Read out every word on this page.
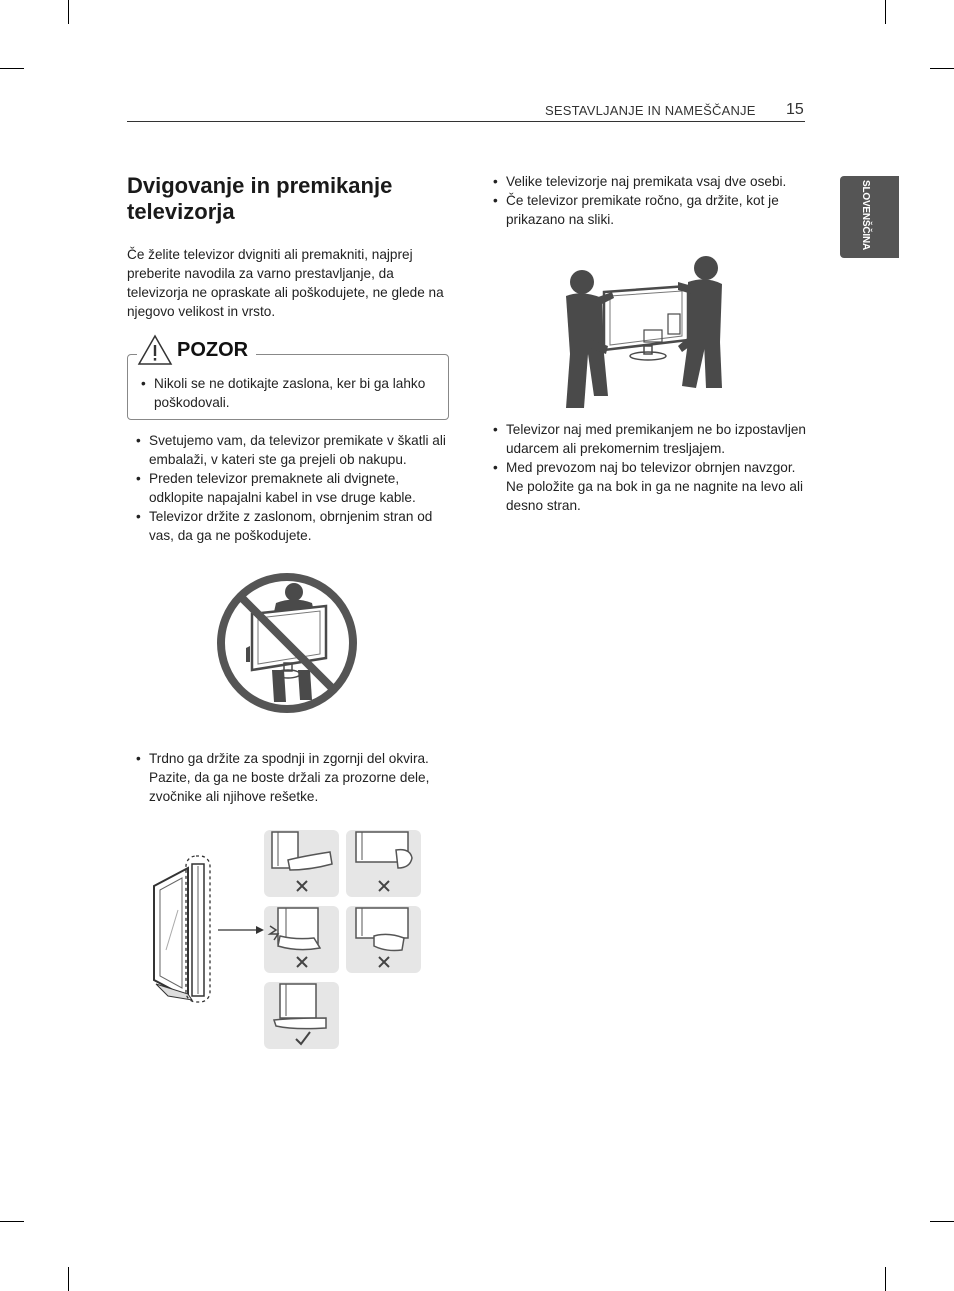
SESTAVLJANJE IN NAMEŠČANJE 15
SLOVENŠČINA
Dvigovanje in premikanje televizorja
Če želite televizor dvigniti ali premakniti, najprej preberite navodila za varno prestavljanje, da televizorja ne opraskate ali poškodujete, ne glede na njegovo velikost in vrsto.
POZOR
• Nikoli se ne dotikajte zaslona, ker bi ga lahko poškodovali.
• Svetujemo vam, da televizor premikate v škatli ali embalaži, v kateri ste ga prejeli ob nakupu.
• Preden televizor premaknete ali dvignete, odklopite napajalni kabel in vse druge kable.
• Televizor držite z zaslonom, obrnjenim stran od vas, da ga ne poškodujete.
• Trdno ga držite za spodnji in zgornji del okvira. Pazite, da ga ne boste držali za prozorne dele, zvočnike ali njihove rešetke.
• Velike televizorje naj premikata vsaj dve osebi.
• Če televizor premikate ročno, ga držite, kot je prikazano na sliki.
• Televizor naj med premikanjem ne bo izpostavljen udarcem ali prekomernim tresljajem.
• Med prevozom naj bo televizor obrnjen navzgor. Ne položite ga na bok in ga ne nagnite na levo ali desno stran.
